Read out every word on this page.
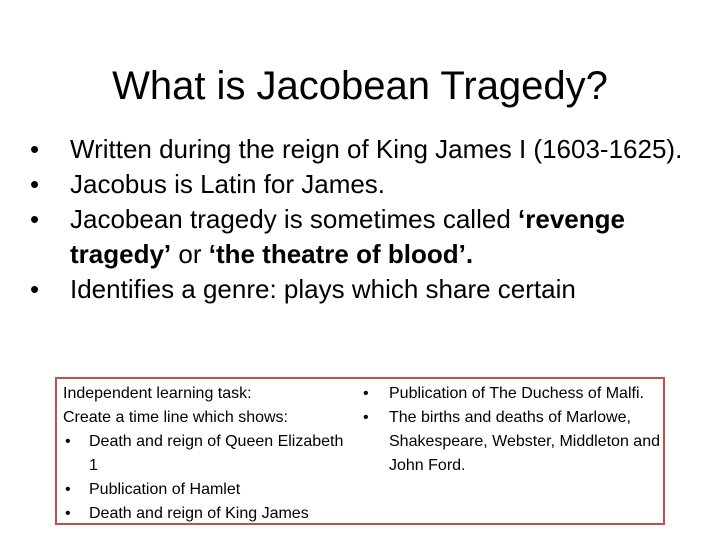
What is Jacobean Tragedy?
•	Written during the reign of King James I (1603-1625).
•	Jacobus is Latin for James.
•	Jacobean tragedy is sometimes called ‘revenge tragedy’ or ‘the theatre of blood’.
•	Identifies a genre: plays which share certain
Independent learning task:
Create a time line which shows:
• Death and reign of Queen Elizabeth 1
• Publication of Hamlet
• Death and reign of King James
• Publication of The Duchess of Malfi.
• The births and deaths of Marlowe, Shakespeare, Webster, Middleton and John Ford.
